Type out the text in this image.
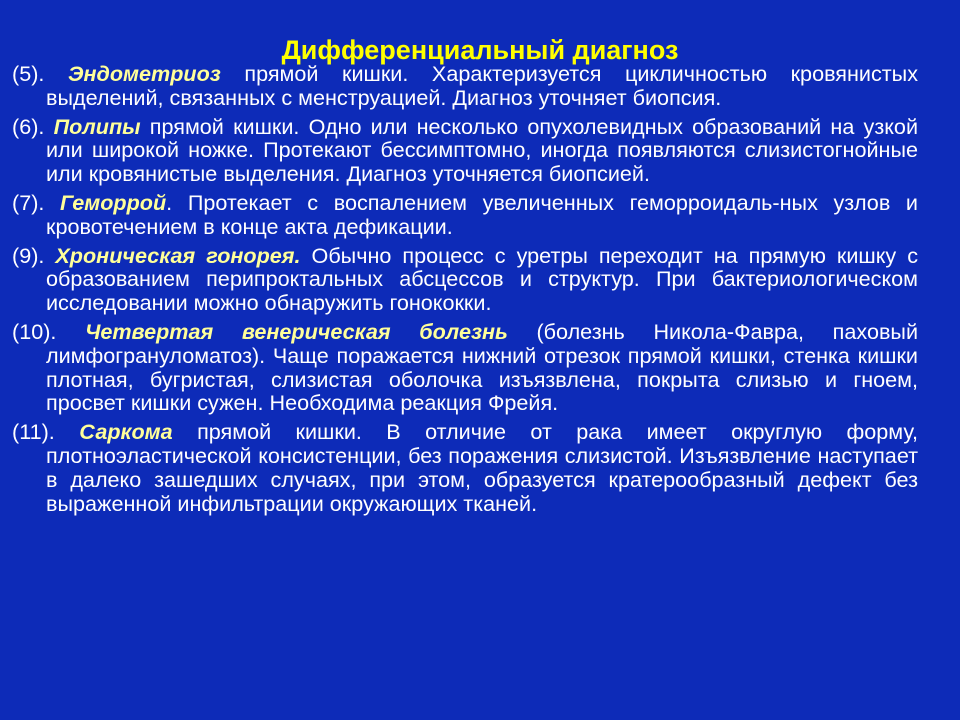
Дифференциальный диагноз

(5). Эндометриоз прямой кишки. Характеризуется цикличностью кровянистых выделений, связанных с менструацией. Диагноз уточняет биопсия.

(6). Полипы прямой кишки. Одно или несколько опухолевидных образований на узкой или широкой ножке. Протекают бессимптомно, иногда появляются слизистогнойные или кровянистые выделения. Диагноз уточняется биопсией.

(7). Геморрой. Протекает с воспалением увеличенных геморроидаль-ных узлов и кровотечением в конце акта дефикации.

(9). Хроническая гонорея. Обычно процесс с уретры переходит на прямую кишку с образованием перипроктальных абсцессов и структур. При бактериологическом исследовании можно обнаружить гонококки.

(10). Четвертая венерическая болезнь (болезнь Никола-Фавра, паховый лимфогрануломатоз). Чаще поражается нижний отрезок прямой кишки, стенка кишки плотная, бугристая, слизистая оболочка изъязвлена, покрыта слизью и гноем, просвет кишки сужен. Необходима реакция Фрейя.

(11). Саркома прямой кишки. В отличие от рака имеет округлую форму, плотноэластической консистенции, без поражения слизистой. Изъязвление наступает в далеко зашедших случаях, при этом, образуется кратерообразный дефект без выраженной инфильтрации окружающих тканей.
